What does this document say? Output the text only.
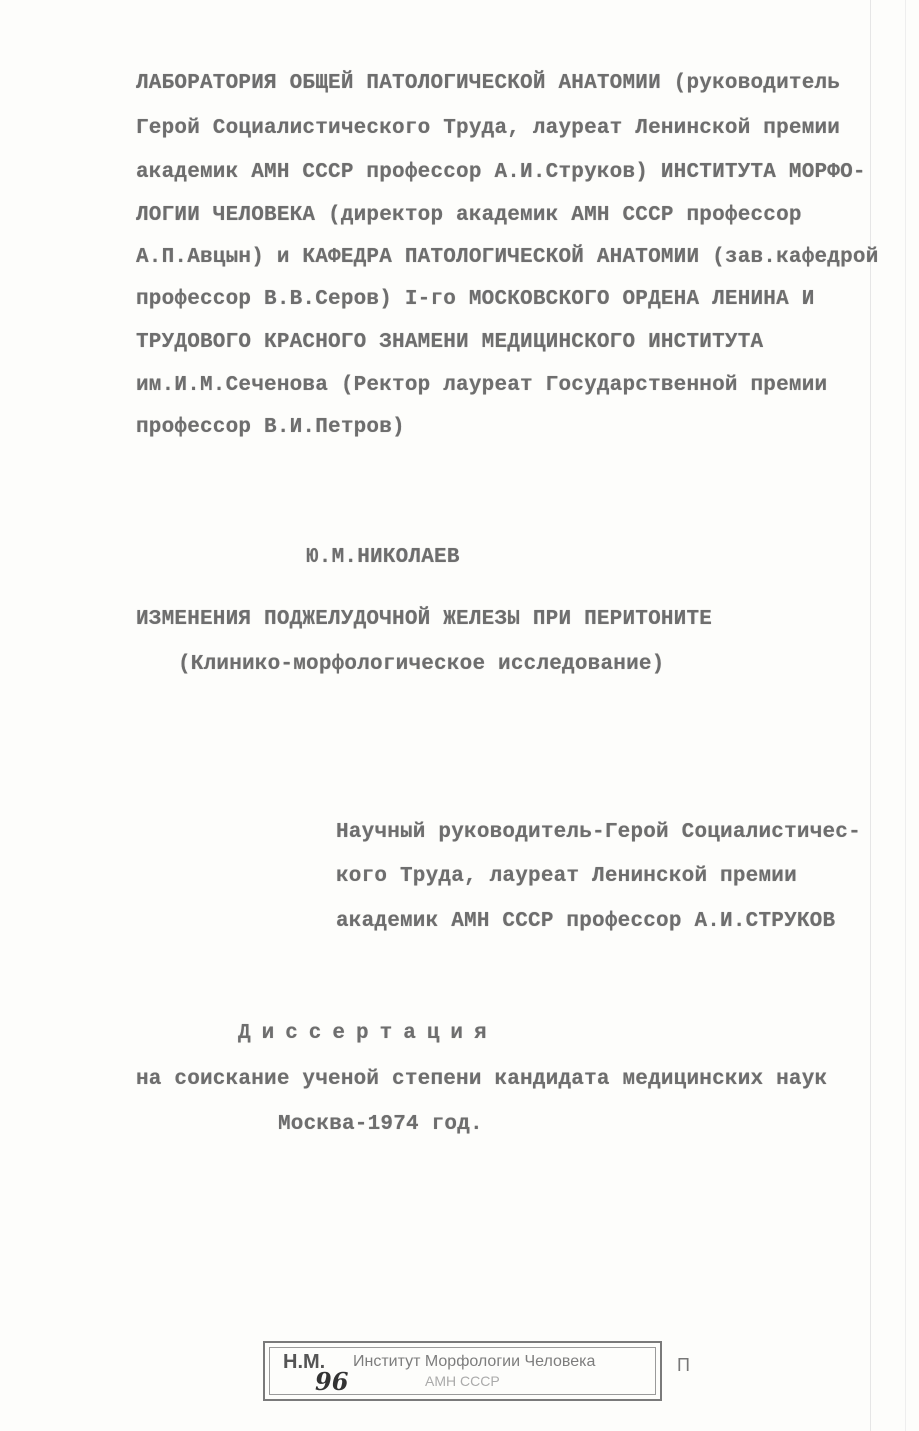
ЛАБОРАТОРИЯ ОБЩЕЙ ПАТОЛОГИЧЕСКОЙ АНАТОМИИ (руководитель
Герой Социалистического Труда, лауреат Ленинской премии
академик АМН СССР профессор А.И.Струков) ИНСТИТУТА МОРФО-
ЛОГИИ ЧЕЛОВЕКА (директор академик АМН СССР профессор
А.П.Авцын) и КАФЕДРА ПАТОЛОГИЧЕСКОЙ АНАТОМИИ (зав.кафедрой
профессор В.В.Серов) I-го МОСКОВСКОГО ОРДЕНА ЛЕНИНА И
ТРУДОВОГО КРАСНОГО ЗНАМЕНИ МЕДИЦИНСКОГО ИНСТИТУТА
им.И.М.Сеченова (Ректор лауреат Государственной премии
профессор В.И.Петров)
Ю.М.НИКОЛАЕВ
ИЗМЕНЕНИЯ ПОДЖЕЛУДОЧНОЙ ЖЕЛЕЗЫ ПРИ ПЕРИТОНИТЕ
(Клинико-морфологическое исследование)
Научный руководитель-Герой Социалистичес-
кого Труда, лауреат Ленинской премии
академик АМН СССР профессор А.И.СТРУКОВ
Диссертация
на соискание ученой степени кандидата медицинских наук
Москва-1974 год.
Н.М. Институт Морфологии Человека
АМН СССР
96
П
